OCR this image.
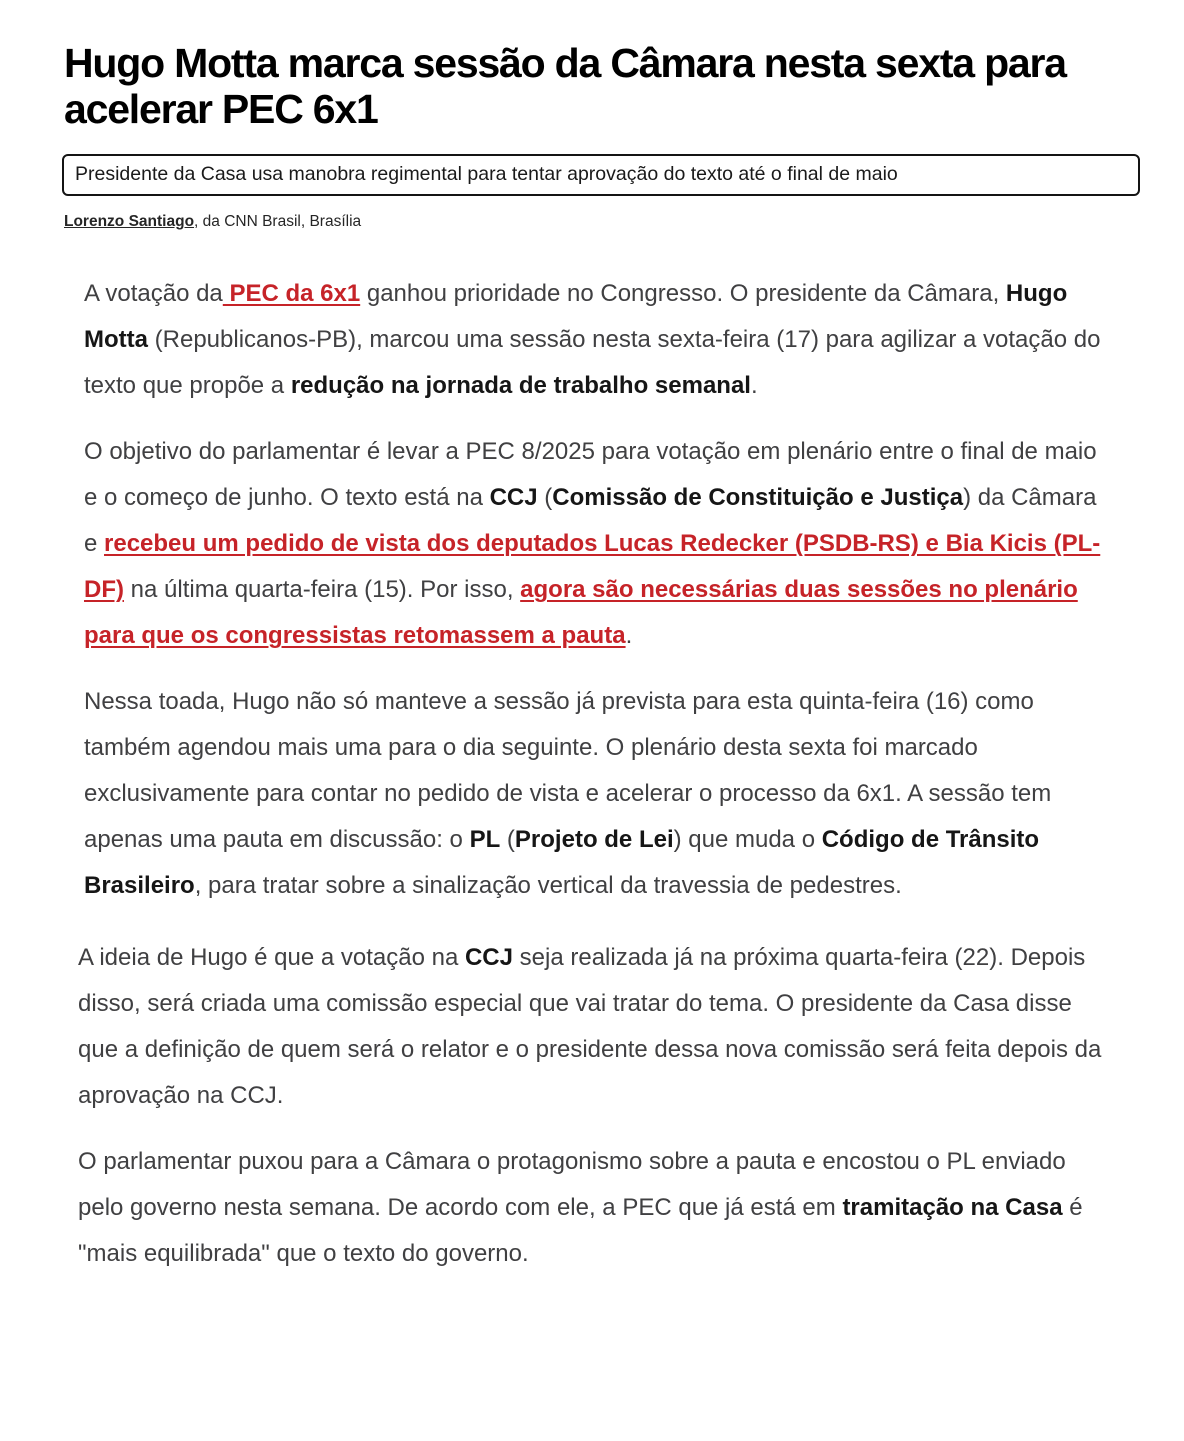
Hugo Motta marca sessão da Câmara nesta sexta para acelerar PEC 6x1
Presidente da Casa usa manobra regimental para tentar aprovação do texto até o final de maio
Lorenzo Santiago, da CNN Brasil, Brasília

A votação da PEC da 6x1 ganhou prioridade no Congresso. O presidente da Câmara, Hugo Motta (Republicanos-PB), marcou uma sessão nesta sexta-feira (17) para agilizar a votação do texto que propõe a redução na jornada de trabalho semanal.

O objetivo do parlamentar é levar a PEC 8/2025 para votação em plenário entre o final de maio e o começo de junho. O texto está na CCJ (Comissão de Constituição e Justiça) da Câmara e recebeu um pedido de vista dos deputados Lucas Redecker (PSDB-RS) e Bia Kicis (PL-DF) na última quarta-feira (15). Por isso, agora são necessárias duas sessões no plenário para que os congressistas retomassem a pauta.

Nessa toada, Hugo não só manteve a sessão já prevista para esta quinta-feira (16) como também agendou mais uma para o dia seguinte. O plenário desta sexta foi marcado exclusivamente para contar no pedido de vista e acelerar o processo da 6x1. A sessão tem apenas uma pauta em discussão: o PL (Projeto de Lei) que muda o Código de Trânsito Brasileiro, para tratar sobre a sinalização vertical da travessia de pedestres.

A ideia de Hugo é que a votação na CCJ seja realizada já na próxima quarta-feira (22). Depois disso, será criada uma comissão especial que vai tratar do tema. O presidente da Casa disse que a definição de quem será o relator e o presidente dessa nova comissão será feita depois da aprovação na CCJ.

O parlamentar puxou para a Câmara o protagonismo sobre a pauta e encostou o PL enviado pelo governo nesta semana. De acordo com ele, a PEC que já está em tramitação na Casa é "mais equilibrada" que o texto do governo.
